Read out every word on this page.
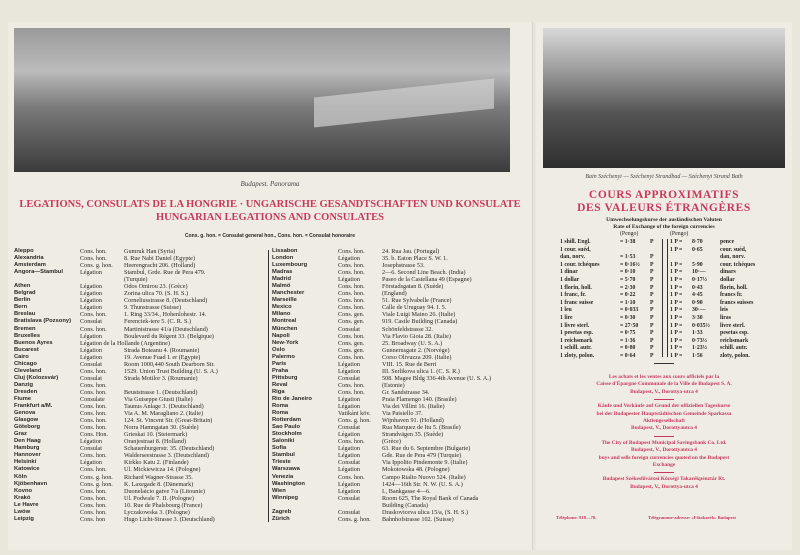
Budapest. Panorama
LEGATIONS, CONSULATS DE LA HONGRIE · UNGARISCHE GESANDTSCHAFTEN UND KONSULATE
HUNGARIAN LEGATIONS AND CONSULATES
Cons. g. hon. = Consulat general hon., Cons. hon. = Consulat honoraire
Aleppo	Cons. hon.	Gumruk Han (Syria)
Alexandria	Cons. hon.	8. Rue Nabi Daniel (Egypte)
Amsterdam	Cons. g. hon. Heerengracht 206. (Holland)
Angora—Stambul	Légation	Stambul, Grde. Rue de Pera 479.
(Turquie)
Athen	Légation	Odos Omirou 23. (Grèce)
Belgrad	Légation	Zorina ulica 70. (S. H. S.)
Berlin	Légation	Corneliusstrasse 8. (Deutschland)
Bern	Légation	9. Thunstrasse (Suisse)
Breslau	Cons. hon.	1. Ring 33/34., Hohenlohestr. 14.
Bratislava (Pozsony) Consulat	Ferenciek-tere 5. (C. R. S.)
Bremen	Cons. hon.	Martinistrasse 41/a (Deutschland)
Bruxelles	Légation	Boulevard du Régent 33. (Belgique)
Buenos Ayres	Légation de la Hollande (Argentine)
Bucarest	Légation	Strada Boteanu 4. (Roumanie)
Cairo	Légation	19. Avenue Fuad I. er (Egypte)
Chicago	Consulat	Room 1000,440 South Dearborn Str.
Cleveland	Cons. hon.	1529. Union Trust Building (U. S. A.)
Cluj (Kolozsvár)	Consulat	Strada Motilor 3. (Roumanie)
Danzig	Cons. hon.
Dresden	Cons. hon.	Beuststrasse 1. (Deutschland)
Fiume	Consulate	Via Guiseppe Giusti (Italie)
Frankfurt a/M.	Cons. hon.	Taunus Anlage 3. (Deutschland)
Genova	Cons. hon.	Via A. M. Maragliano 2. (Italie)
Glasgow	Cons. hon.	124. St. Vincent Str. (Great-Britain)
Göteborg	Cons. hon.	Norra Hamngatan 30. (Suède)
Graz	Cons. Hon.	Grieskai 10. (Steiermark)
Den Haag	Légation	Oranjestraat 8. (Holland)
Hamburg	Consulat	Schauenburgerstr. 35. (Deutschland)
Hannover	Cons. hon.	Walderseestrasse 3. (Deutschland)
Helsinki	Légation	Kirkko Katu 2. (Finlande)
Katowice	Cons. hon.	Ul. Mickiewicza 14. (Pologne)
Köln	Cons. g. hon. Richard Wagner-Strasse 35.
Kjöbenhavn	Cons. g. hon. K. Laxegade 8. (Dänemark)
Kovno	Cons. hon.	Duonelaicio gatve 7/a (Litounie)
Krakó	Cons. hon.	Ul. Podwale 7. II. (Pologne)
Le Havre	Cons. hon.	10. Rue de Phalsbourg (France)
Lwów	Cons. hon.	Lyczakowska 3. (Pologne)
Leipzig	Cons. hon	Hugo Licht-Strasse 3. (Deutschland)
Lissabon	Cons. hon.	24. Rua Jau. (Portugal)
London	Légation	35. b. Eaton Place S. W. 1.
Luxembourg	Cons. hon.	Josephstrasse 53.
Madras	Cons. hon.	2—6. Second Line Beach. (India)
Madrid	Légation	Paseo de la Castellana 49 (Espagne)
Malmö	Cons. hon.	Förstadsgatan 8. (Suède)
Manchester	Cons. hon.	(England)
Marseille	Cons. hon.	51. Rue Sylvabelle (France)
Mexico	Cons. hon.	Calle de Uruguay 94. I. 5.
Milano	Cons. gen.	Viale Luigi Maino 26. (Italie)
Montreal	Cons. gen.	919. Castle Building (Canada)
München	Consulat	Schönfeldstrasse 32.
Napoli	Cons. hon.	Via Flavio Gioia 28. (Italie)
New-York	Cons. gen.	25. Broadway (U. S. A.)
Oslo	Cons. gen.	Gunnerusgate 2. (Norvège)
Palermo	Cons. hon.	Corso Olivuzza 209. (Italie)
Paris	Légation	VIII. 15. Rue de Berri
Praha	Légation	III. Serlikova ulica 1. (C. S. R.)
Pittsburg	Consulat	508. Magee Bldg 336-4th Avenue (U. S. A.)
Reval	Cons. hon.	(Estonie)
Riga	Cons. hon.	Gr. Sandstrasse 34.
Rio de Janeiro	Légation	Praia Flamengo 140. (Brasile)
Roma	Légation	Via dei Villini 16. (Italie)
Roma	Vatikáni köv. Via Paisiello 37.
Rotterdam	Cons. g. hon. Wijnhaven 91. (Holland)
Sao Paulo	Consulat	Rua Marquez de Itu 5. (Brasile)
Stockholm	Légation	Strandvägen 35. (Suède)
Saloniki	Cons. hon.	(Grèce)
Sofia	Légation	63. Rue du 6. Septembre (Bulgarie)
Stambul	Légation	Gde. Rue de Pera 479 (Turquie)
Trieste	Consulat	Via Ippolito Pindemonte 9. (Italie)
Warszawa	Légation	Mokotowska 48. (Pologne)
Venezia	Cons. hon.	Campo Rialto Nuovo 524. (Italie)
Washington	Légation	1424—16th Str. N. W. (U. S. A.)
Wien	Légation	I., Bankgasse 4—6.
Winnipeg	Consulat	Room 625, The Royal Bank of Canada
Building (Canada)
Zagreb	Consulat	Draskoviceva ulica 15/a, (S. H. S.)
Zürich	Cons. g. hon. Bahnhofstrasse 102. (Suisse)
Bain Széchenyi — Széchenyi Strandbad — Széchenyi Strand Bath
COURS APPROXIMATIFS
DES VALEURS ÉTRANGÈRES
Umwechselungskurse der ausländischen Valuten
Rate of Exchange of the foreign currencies
(Pengo)	(Pengo)
1 shill. Engl.	= 1·38	P
1 cour. suéd,
dan, norv.	= 1·53	P
1 cour. tchéques	= 0·16½ P
1 dinar	= 0·10	P
1 dollar	= 5·70	P
1 florin, holl.	= 2·30	P
1 franc, fr.	= 0·22	P
1 franc suisse	= 1·10	P
1 leu	= 0·033 P
1 lire	= 0·30	P
1 livre sterl.	= 27·50 P
1 pesetas esp.	= 0·75	P
1 reichsmark	= 1·36	P
1 schill. autr.	= 0·80	P
1 zloty, polon.	= 0·64	P
1 P = 8·70	pence
1 P = 0·65	cour. suéd,
dan, norv.
1 P = 5·90	cour. tchéques
1 P = 10·— dinars
1 P = 0·17½ dollar
1 P = 0·43	florin, holl.
1 P = 4·45	francs fr.
1 P = 0·90	francs suisses
1 P = 30·— leis
1 P = 3·30	liras
1 P = 0·035½ livre sterl.
1 P = 1·33	pesetas esp.
1 P = 0·73½ reichsmark
1 P = 1·23½ schill. autr.
1 P = 1·56	zloty, polon.
Les achats et les ventes aux cours officiels par la
Caisse d'Épargne Communale de la Ville de Budapest S. A.
Budapest, V., Dorottya-utca 4
Käufe und Verkäufe auf Grund der offiziellen Tageskurse
bei der Budapester Hauptstädtischen Gemeinde Sparkassa
Aktiengesellschaft
Budapest, V., Dorottyautca 4
The City of Budapest Municipal Savingsbank Co. Ltd.
Budapest, V., Dorottyautca 4
buys and sells foreign currencies quoted on the Budapest
Exchange
Budapest Székesfővárosi Községi Takarékpénztár Rt.
Budapest, V., Dorottya-utca 4
Téléphone: 818—70.	Télégramme-adresse: «Főtakarék» Budapest
